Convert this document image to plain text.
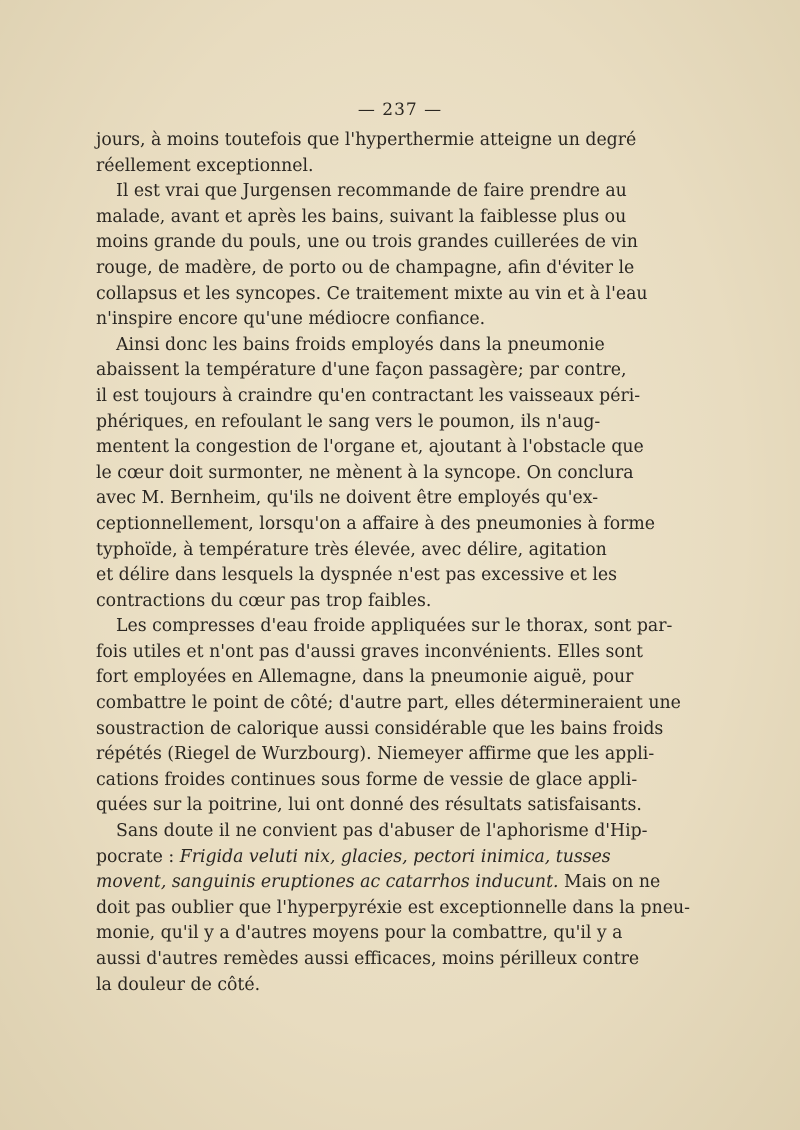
— 237 —
jours, à moins toutefois que l'hyperthermie atteigne un degré
réellement exceptionnel.
Il est vrai que Jurgensen recommande de faire prendre au
malade, avant et après les bains, suivant la faiblesse plus ou
moins grande du pouls, une ou trois grandes cuillerées de vin
rouge, de madère, de porto ou de champagne, afin d'éviter le
collapsus et les syncopes. Ce traitement mixte au vin et à l'eau
n'inspire encore qu'une médiocre confiance.
Ainsi donc les bains froids employés dans la pneumonie
abaissent la température d'une façon passagère; par contre,
il est toujours à craindre qu'en contractant les vaisseaux péri-
phériques, en refoulant le sang vers le poumon, ils n'aug-
mentent la congestion de l'organe et, ajoutant à l'obstacle que
le cœur doit surmonter, ne mènent à la syncope. On conclura
avec M. Bernheim, qu'ils ne doivent être employés qu'ex-
ceptionnellement, lorsqu'on a affaire à des pneumonies à forme
typhoïde, à température très élevée, avec délire, agitation
et délire dans lesquels la dyspnée n'est pas excessive et les
contractions du cœur pas trop faibles.
Les compresses d'eau froide appliquées sur le thorax, sont par-
fois utiles et n'ont pas d'aussi graves inconvénients. Elles sont
fort employées en Allemagne, dans la pneumonie aiguë, pour
combattre le point de côté; d'autre part, elles détermineraient une
soustraction de calorique aussi considérable que les bains froids
répétés (Riegel de Wurzbourg). Niemeyer affirme que les appli-
cations froides continues sous forme de vessie de glace appli-
quées sur la poitrine, lui ont donné des résultats satisfaisants.
Sans doute il ne convient pas d'abuser de l'aphorisme d'Hip-
pocrate : Frigida veluti nix, glacies, pectori inimica, tusses
movent, sanguinis eruptiones ac catarrhos inducunt. Mais on ne
doit pas oublier que l'hyperpyréxie est exceptionnelle dans la pneu-
monie, qu'il y a d'autres moyens pour la combattre, qu'il y a
aussi d'autres remèdes aussi efficaces, moins périlleux contre
la douleur de côté.
